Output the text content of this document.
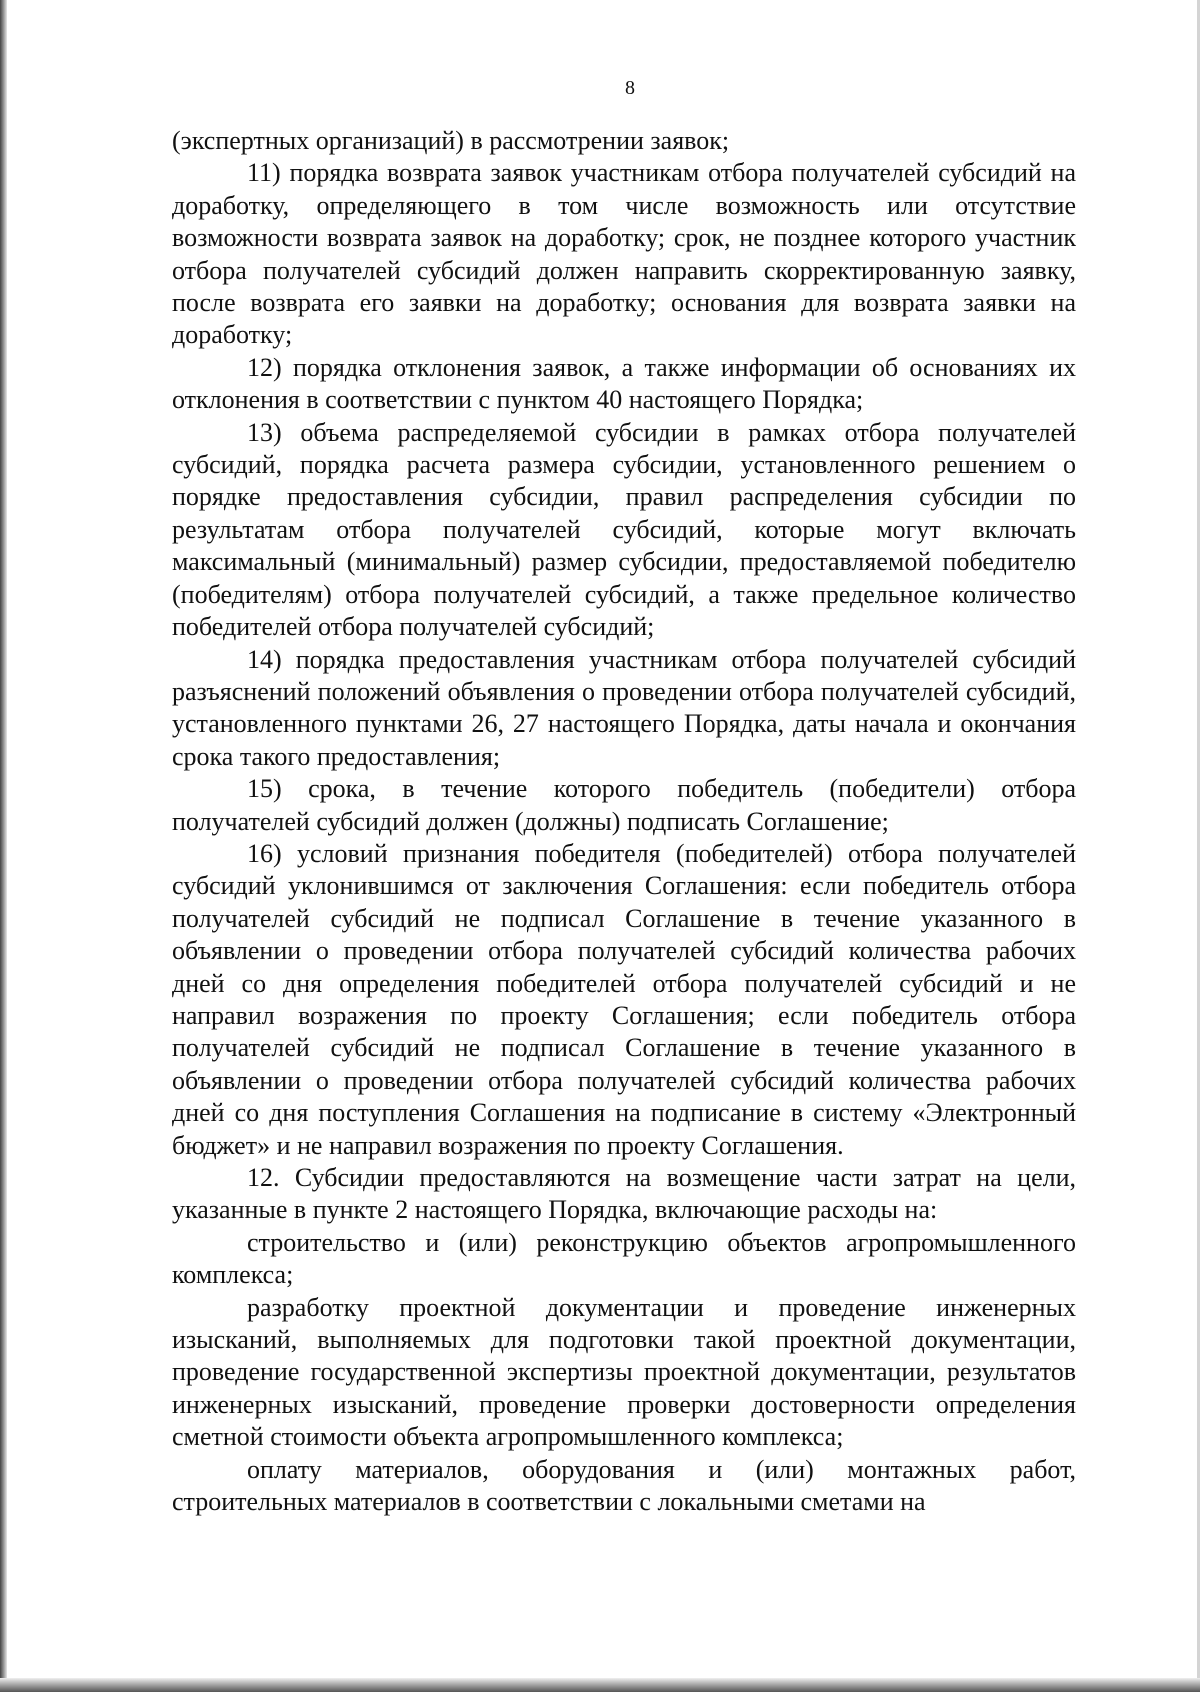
8

(экспертных организаций) в рассмотрении заявок;

11) порядка возврата заявок участникам отбора получателей субсидий на доработку, определяющего в том числе возможность или отсутствие возможности возврата заявок на доработку; срок, не позднее которого участник отбора получателей субсидий должен направить скорректированную заявку, после возврата его заявки на доработку; основания для возврата заявки на доработку;

12) порядка отклонения заявок, а также информации об основаниях их отклонения в соответствии с пунктом 40 настоящего Порядка;

13) объема распределяемой субсидии в рамках отбора получателей субсидий, порядка расчета размера субсидии, установленного решением о порядке предоставления субсидии, правил распределения субсидии по результатам отбора получателей субсидий, которые могут включать максимальный (минимальный) размер субсидии, предоставляемой победителю (победителям) отбора получателей субсидий, а также предельное количество победителей отбора получателей субсидий;

14) порядка предоставления участникам отбора получателей субсидий разъяснений положений объявления о проведении отбора получателей субсидий, установленного пунктами 26, 27 настоящего Порядка, даты начала и окончания срока такого предоставления;

15) срока, в течение которого победитель (победители) отбора получателей субсидий должен (должны) подписать Соглашение;

16) условий признания победителя (победителей) отбора получателей субсидий уклонившимся от заключения Соглашения: если победитель отбора получателей субсидий не подписал Соглашение в течение указанного в объявлении о проведении отбора получателей субсидий количества рабочих дней со дня определения победителей отбора получателей субсидий и не направил возражения по проекту Соглашения; если победитель отбора получателей субсидий не подписал Соглашение в течение указанного в объявлении о проведении отбора получателей субсидий количества рабочих дней со дня поступления Соглашения на подписание в систему «Электронный бюджет» и не направил возражения по проекту Соглашения.

12. Субсидии предоставляются на возмещение части затрат на цели, указанные в пункте 2 настоящего Порядка, включающие расходы на:

строительство и (или) реконструкцию объектов агропромышленного комплекса;

разработку проектной документации и проведение инженерных изысканий, выполняемых для подготовки такой проектной документации, проведение государственной экспертизы проектной документации, результатов инженерных изысканий, проведение проверки достоверности определения сметной стоимости объекта агропромышленного комплекса;

оплату материалов, оборудования и (или) монтажных работ, строительных материалов в соответствии с локальными сметами на
